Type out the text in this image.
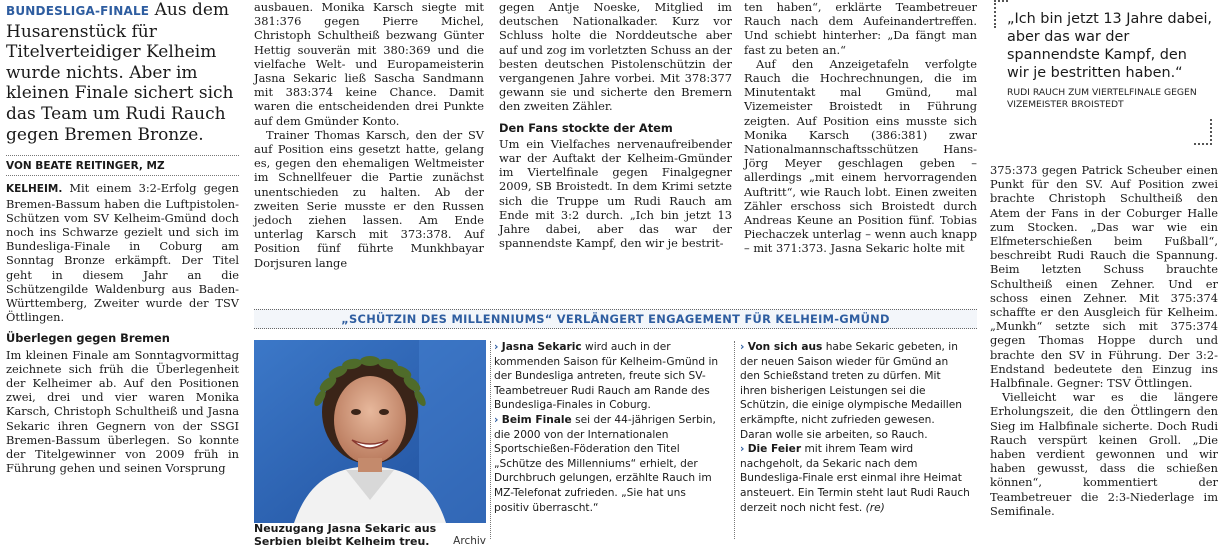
BUNDESLIGA-FINALE Aus dem Husarenstück für Titelverteidiger Kelheim wurde nichts. Aber im kleinen Finale sichert sich das Team um Rudi Rauch gegen Bremen Bronze.
VON BEATE REITINGER, MZ

KELHEIM. Mit einem 3:2-Erfolg gegen Bremen-Bassum haben die Luftpistolen-Schützen vom SV Kelheim-Gmünd doch noch ins Schwarze gezielt und sich im Bundesliga-Finale in Coburg am Sonntag Bronze erkämpft. Der Titel geht in diesem Jahr an die Schützengilde Waldenburg aus Baden-Württemberg, Zweiter wurde der TSV Öttlingen.

Überlegen gegen Bremen

Im kleinen Finale am Sonntagvormittag zeichnete sich früh die Überlegenheit der Kelheimer ab. Auf den Positionen zwei, drei und vier waren Monika Karsch, Christoph Schultheiß und Jasna Sekaric ihren Gegnern von der SSGI Bremen-Bassum überlegen. So konnte der Titelgewinner von 2009 früh in Führung gehen und seinen Vorsprung

ausbauen. Monika Karsch siegte mit 381:376 gegen Pierre Michel, Christoph Schultheiß bezwang Günter Hettig souverän mit 380:369 und die vielfache Welt- und Europameisterin Jasna Sekaric ließ Sascha Sandmann mit 383:374 keine Chance. Damit waren die entscheidenden drei Punkte auf dem Gmünder Konto.

Trainer Thomas Karsch, den der SV auf Position eins gesetzt hatte, gelang es, gegen den ehemaligen Weltmeister im Schnellfeuer die Partie zunächst unentschieden zu halten. Ab der zweiten Serie musste er den Russen jedoch ziehen lassen. Am Ende unterlag Karsch mit 373:378. Auf Position fünf führte Munkhbayar Dorjsuren lange

gegen Antje Noeske, Mitglied im deutschen Nationalkader. Kurz vor Schluss holte die Norddeutsche aber auf und zog im vorletzten Schuss an der besten deutschen Pistolenschützin der vergangenen Jahre vorbei. Mit 378:377 gewann sie und sicherte den Bremern den zweiten Zähler.

Den Fans stockte der Atem

Um ein Vielfaches nervenaufreibender war der Auftakt der Kelheim-Gmünder im Viertelfinale gegen Finalgegner 2009, SB Broistedt. In dem Krimi setzte sich die Truppe um Rudi Rauch am Ende mit 3:2 durch. „Ich bin jetzt 13 Jahre dabei, aber das war der spannendste Kampf, den wir je bestrit-

ten haben“, erklärte Teambetreuer Rauch nach dem Aufeinandertreffen. Und schiebt hinterher: „Da fängt man fast zu beten an.“

Auf den Anzeigetafeln verfolgte Rauch die Hochrechnungen, die im Minutentakt mal Gmünd, mal Vizemeister Broistedt in Führung zeigten. Auf Position eins musste sich Monika Karsch (386:381) zwar Nationalmannschaftsschützen Hans-Jörg Meyer geschlagen geben – allerdings „mit einem hervorragenden Auftritt“, wie Rauch lobt. Einen zweiten Zähler erschoss sich Broistedt durch Andreas Keune an Position fünf. Tobias Piechaczek unterlag – wenn auch knapp – mit 371:373. Jasna Sekaric holte mit

„Ich bin jetzt 13 Jahre dabei, aber das war der spannendste Kampf, den wir je bestritten haben.“
RUDI RAUCH ZUM VIERTELFINALE GEGEN VIZEMEISTER BROISTEDT

375:373 gegen Patrick Scheuber einen Punkt für den SV. Auf Position zwei brachte Christoph Schultheiß den Atem der Fans in der Coburger Halle zum Stocken. „Das war wie ein Elfmeterschießen beim Fußball“, beschreibt Rudi Rauch die Spannung. Beim letzten Schuss brauchte Schultheiß einen Zehner. Und er schoss einen Zehner. Mit 375:374 schaffte er den Ausgleich für Kelheim. „Munkh“ setzte sich mit 375:374 gegen Thomas Hoppe durch und brachte den SV in Führung. Der 3:2-Endstand bedeutete den Einzug ins Halbfinale. Gegner: TSV Öttlingen.

Vielleicht war es die längere Erholungszeit, die den Öttlingern den Sieg im Halbfinale sicherte. Doch Rudi Rauch verspürt keinen Groll. „Die haben verdient gewonnen und wir haben gewusst, dass die schießen können“, kommentiert der Teambetreuer die 2:3-Niederlage im Semifinale.

„SCHÜTZIN DES MILLENNIUMS“ VERLÄNGERT ENGAGEMENT FÜR KELHEIM-GMÜND
Neuzugang Jasna Sekaric aus Serbien bleibt Kelheim treu. Archiv

› Jasna Sekaric wird auch in der kommenden Saison für Kelheim-Gmünd in der Bundesliga antreten, freute sich SV-Teambetreuer Rudi Rauch am Rande des Bundesliga-Finales in Coburg.

› Beim Finale sei der 44-jährigen Serbin, die 2000 von der Internationalen Sportschießen-Föderation den Titel „Schütze des Millenniums“ erhielt, der Durchbruch gelungen, erzählte Rauch im MZ-Telefonat zufrieden. „Sie hat uns positiv überrascht.“

› Von sich aus habe Sekaric gebeten, in der neuen Saison wieder für Gmünd an den Schießstand treten zu dürfen. Mit ihren bisherigen Leistungen sei die Schützin, die einige olympische Medaillen erkämpfte, nicht zufrieden gewesen. Daran wolle sie arbeiten, so Rauch.

› Die Feier mit ihrem Team wird nachgeholt, da Sekaric nach dem Bundesliga-Finale erst einmal ihre Heimat ansteuert. Ein Termin steht laut Rudi Rauch derzeit noch nicht fest. (re)
